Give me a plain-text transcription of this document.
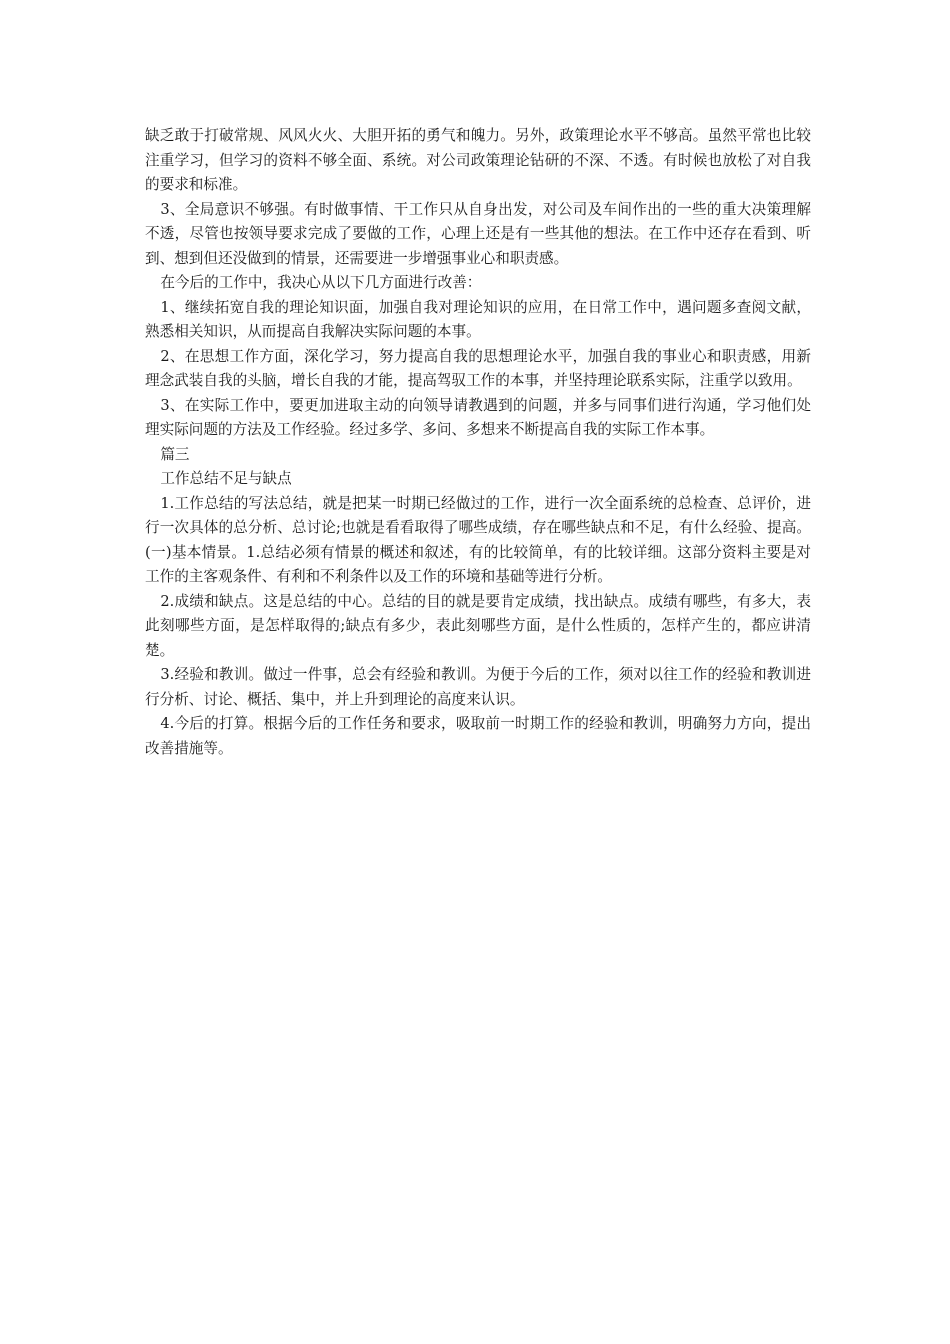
缺乏敢于打破常规、风风火火、大胆开拓的勇气和魄力。另外，政策理论水平不够高。虽然平常也比较注重学习，但学习的资料不够全面、系统。对公司政策理论钻研的不深、不透。有时候也放松了对自我的要求和标准。

3、全局意识不够强。有时做事情、干工作只从自身出发，对公司及车间作出的一些的重大决策理解不透，尽管也按领导要求完成了要做的工作，心理上还是有一些其他的想法。在工作中还存在看到、听到、想到但还没做到的情景，还需要进一步增强事业心和职责感。

在今后的工作中，我决心从以下几方面进行改善：

1、继续拓宽自我的理论知识面，加强自我对理论知识的应用，在日常工作中，遇问题多查阅文献，熟悉相关知识，从而提高自我解决实际问题的本事。

2、在思想工作方面，深化学习，努力提高自我的思想理论水平，加强自我的事业心和职责感，用新理念武装自我的头脑，增长自我的才能，提高驾驭工作的本事，并坚持理论联系实际，注重学以致用。

3、在实际工作中，要更加进取主动的向领导请教遇到的问题，并多与同事们进行沟通，学习他们处理实际问题的方法及工作经验。经过多学、多问、多想来不断提高自我的实际工作本事。

篇三

工作总结不足与缺点

1.工作总结的写法总结，就是把某一时期已经做过的工作，进行一次全面系统的总检查、总评价，进行一次具体的总分析、总讨论;也就是看看取得了哪些成绩，存在哪些缺点和不足，有什么经验、提高。(一)基本情景。1.总结必须有情景的概述和叙述，有的比较简单，有的比较详细。这部分资料主要是对工作的主客观条件、有利和不利条件以及工作的环境和基础等进行分析。

2.成绩和缺点。这是总结的中心。总结的目的就是要肯定成绩，找出缺点。成绩有哪些，有多大，表此刻哪些方面，是怎样取得的;缺点有多少，表此刻哪些方面，是什么性质的，怎样产生的，都应讲清楚。

3.经验和教训。做过一件事，总会有经验和教训。为便于今后的工作，须对以往工作的经验和教训进行分析、讨论、概括、集中，并上升到理论的高度来认识。

4.今后的打算。根据今后的工作任务和要求，吸取前一时期工作的经验和教训，明确努力方向，提出改善措施等。
